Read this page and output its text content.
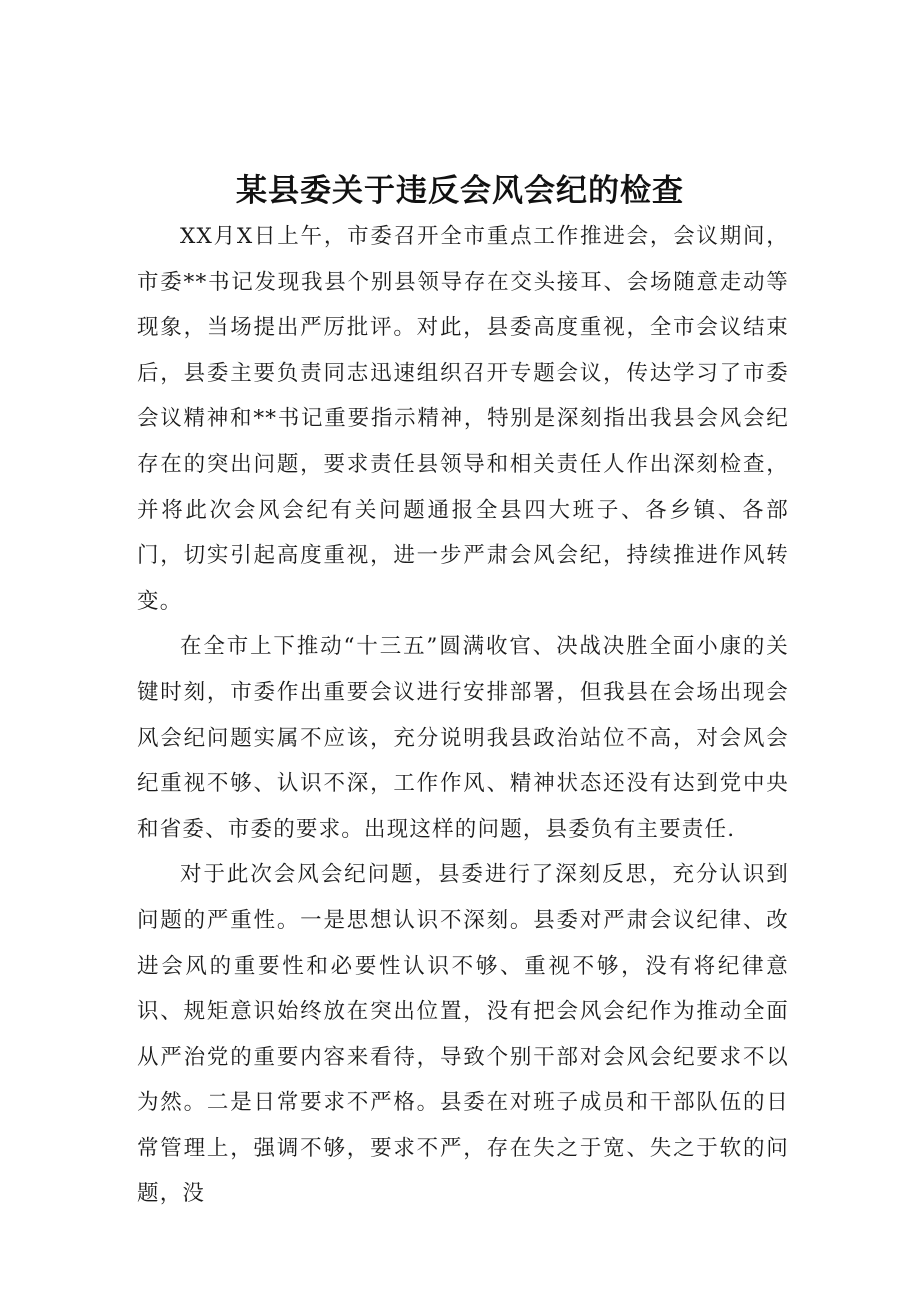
某县委关于违反会风会纪的检查

XX月X日上午，市委召开全市重点工作推进会，会议期间，市委**书记发现我县个别县领导存在交头接耳、会场随意走动等现象，当场提出严厉批评。对此，县委高度重视，全市会议结束后，县委主要负责同志迅速组织召开专题会议，传达学习了市委会议精神和**书记重要指示精神，特别是深刻指出我县会风会纪存在的突出问题，要求责任县领导和相关责任人作出深刻检查，并将此次会风会纪有关问题通报全县四大班子、各乡镇、各部门，切实引起高度重视，进一步严肃会风会纪，持续推进作风转变。

在全市上下推动“十三五”圆满收官、决战决胜全面小康的关键时刻，市委作出重要会议进行安排部署，但我县在会场出现会风会纪问题实属不应该，充分说明我县政治站位不高，对会风会纪重视不够、认识不深，工作作风、精神状态还没有达到党中央和省委、市委的要求。出现这样的问题，县委负有主要责任.

对于此次会风会纪问题，县委进行了深刻反思，充分认识到问题的严重性。一是思想认识不深刻。县委对严肃会议纪律、改进会风的重要性和必要性认识不够、重视不够，没有将纪律意识、规矩意识始终放在突出位置，没有把会风会纪作为推动全面从严治党的重要内容来看待，导致个别干部对会风会纪要求不以为然。二是日常要求不严格。县委在对班子成员和干部队伍的日常管理上，强调不够，要求不严，存在失之于宽、失之于软的问题，没
